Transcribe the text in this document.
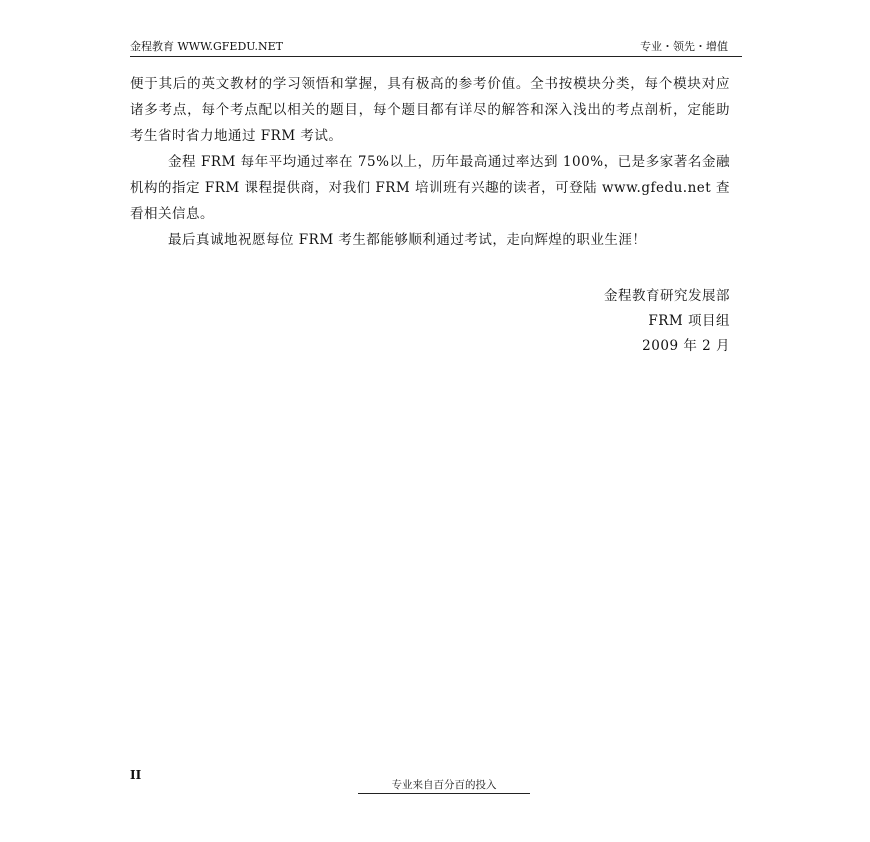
金程教育 WWW.GFEDU.NET	专业・领先・增值

便于其后的英文教材的学习领悟和掌握，具有极高的参考价值。全书按模块分类，每个模块对应诸多考点，每个考点配以相关的题目，每个题目都有详尽的解答和深入浅出的考点剖析，定能助考生省时省力地通过 FRM 考试。

金程 FRM 每年平均通过率在 75%以上，历年最高通过率达到 100%，已是多家著名金融机构的指定 FRM 课程提供商，对我们 FRM 培训班有兴趣的读者，可登陆 www.gfedu.net 查看相关信息。

最后真诚地祝愿每位 FRM 考生都能够顺利通过考试，走向辉煌的职业生涯！

金程教育研究发展部
FRM 项目组
2009 年 2 月
II
专业来自百分百的投入
